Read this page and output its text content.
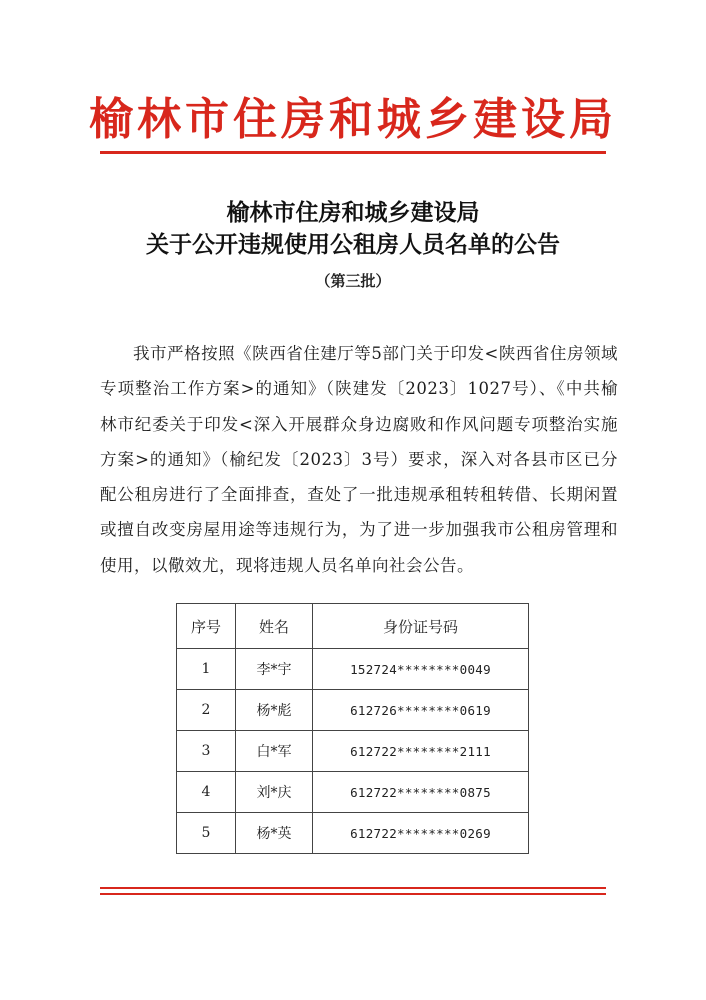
榆林市住房和城乡建设局
榆林市住房和城乡建设局
关于公开违规使用公租房人员名单的公告
（第三批）

我市严格按照《陕西省住建厅等5部门关于印发<陕西省住房领域专项整治工作方案>的通知》（陕建发〔2023〕1027号）、《中共榆林市纪委关于印发<深入开展群众身边腐败和作风问题专项整治实施方案>的通知》（榆纪发〔2023〕3号）要求，深入对各县市区已分配公租房进行了全面排查，查处了一批违规承租转租转借、长期闲置或擅自改变房屋用途等违规行为，为了进一步加强我市公租房管理和使用，以儆效尤，现将违规人员名单向社会公告。

序号	姓名	身份证号码
1	李*宇	152724********0049
2	杨*彪	612726********0619
3	白*军	612722********2111
4	刘*庆	612722********0875
5	杨*英	612722********0269
